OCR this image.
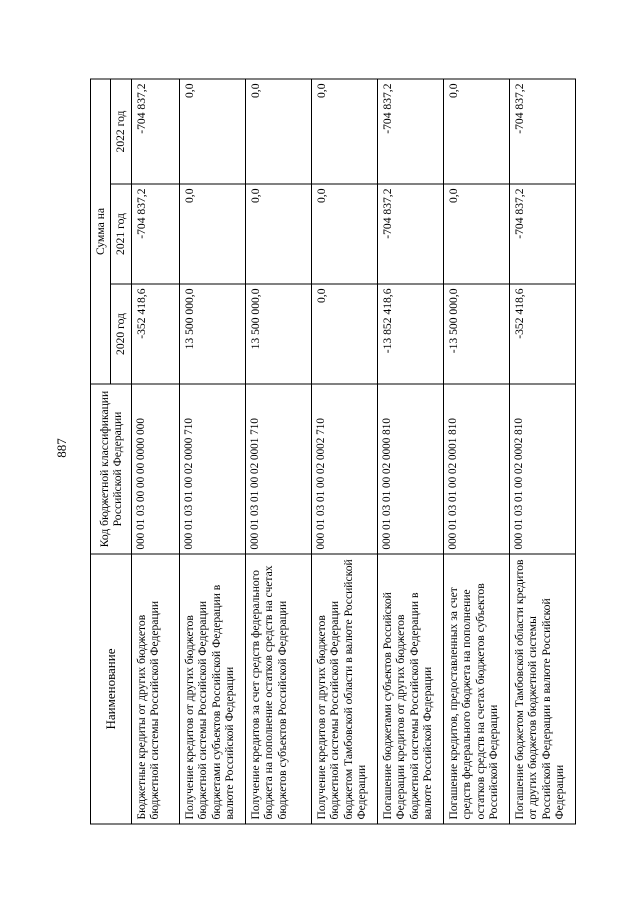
887
Наименование	Код бюджетной классификации Российской Федерации	Сумма на		
		2020 год	2021 год	2022 год
Бюджетные кредиты от других бюджетов бюджетной системы Российской Федерации	000 01 03 00 00 00 0000 000	-352 418,6	-704 837,2	-704 837,2
Получение кредитов от других бюджетов бюджетной системы Российской Федерации бюджетами субъектов Российской Федерации в валюте Российской Федерации	000 01 03 01 00 02 0000 710	13 500 000,0	0,0	0,0
Получение кредитов за счет средств федерального бюджета на пополнение остатков средств на счетах бюджетов субъектов Российской Федерации	000 01 03 01 00 02 0001 710	13 500 000,0	0,0	0,0
Получение кредитов от других бюджетов бюджетной системы Российской Федерации бюджетом Тамбовской области в валюте Российской Федерации	000 01 03 01 00 02 0002 710	0,0	0,0	0,0
Погашение бюджетами субъектов Российской Федерации кредитов от других бюджетов бюджетной системы Российской Федерации в валюте Российской Федерации	000 01 03 01 00 02 0000 810	-13 852 418,6	-704 837,2	-704 837,2
Погашение кредитов, предоставленных за счет средств федерального бюджета на пополнение остатков средств на счетах бюджетов субъектов Российской Федерации	000 01 03 01 00 02 0001 810	-13 500 000,0	0,0	0,0
Погашение бюджетом Тамбовской области кредитов от других бюджетов бюджетной системы Российской Федерации в валюте Российской Федерации	000 01 03 01 00 02 0002 810	-352 418,6	-704 837,2	-704 837,2
